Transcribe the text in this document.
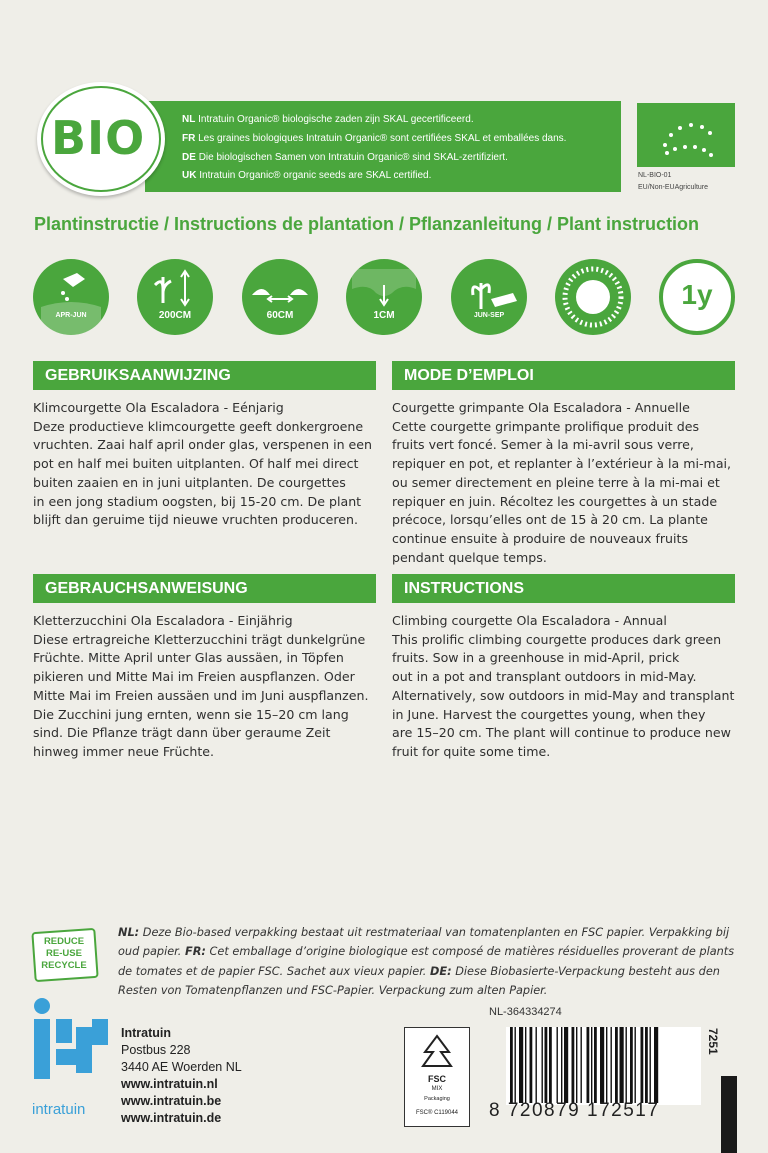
BIO	NL Intratuin Organic® biologische zaden zijn SKAL gecertificeerd.
FR Les graines biologiques Intratuin Organic® sont certifiées SKAL et emballées dans.
DE Die biologischen Samen von Intratuin Organic® sind SKAL-zertifiziert.
UK Intratuin Organic® organic seeds are SKAL certified.	NL-BIO-01
EU/Non-EUAgriculture
Plantinstructie / Instructions de plantation / Pflanzanleitung / Plant instruction
APR-JUN	200CM	60CM	1CM	JUN-SEP
1y
GEBRUIKSAANWIJZING

Klimcourgette Ola Escaladora - Eénjarig

Deze productieve klimcourgette geeft donkergroene

vruchten. Zaai half april onder glas, verspenen in een

pot en half mei buiten uitplanten. Of half mei direct

buiten zaaien en in juni uitplanten. De courgettes

in een jong stadium oogsten, bij 15-20 cm. De plant

blijft dan geruime tijd nieuwe vruchten produceren.

MODE D’EMPLOI

Courgette grimpante Ola Escaladora - Annuelle

Cette courgette grimpante prolifique produit des

fruits vert foncé. Semer à la mi-avril sous verre,

repiquer en pot, et replanter à l’extérieur à la mi-mai,

ou semer directement en pleine terre à la mi-mai et

repiquer en juin. Récoltez les courgettes à un stade

précoce, lorsqu’elles ont de 15 à 20 cm. La plante

continue ensuite à produire de nouveaux fruits

pendant quelque temps.

GEBRAUCHSANWEISUNG

Kletterzucchini Ola Escaladora - Einjährig

Diese ertragreiche Kletterzucchini trägt dunkelgrüne

Früchte. Mitte April unter Glas aussäen, in Töpfen

pikieren und Mitte Mai im Freien auspflanzen. Oder

Mitte Mai im Freien aussäen und im Juni auspflanzen.

Die Zucchini jung ernten, wenn sie 15–20 cm lang

sind. Die Pflanze trägt dann über geraume Zeit

hinweg immer neue Früchte.

INSTRUCTIONS

Climbing courgette Ola Escaladora - Annual

This prolific climbing courgette produces dark green

fruits. Sow in a greenhouse in mid-April, prick

out in a pot and transplant outdoors in mid-May.

Alternatively, sow outdoors in mid-May and transplant

in June. Harvest the courgettes young, when they

are 15–20 cm. The plant will continue to produce new

fruit for quite some time.

REDUCE
RE-USE
RECYCLE
NL: Deze Bio-based verpakking bestaat uit restmateriaal van tomatenplanten en FSC papier. Verpakking bij oud papier. FR: Cet emballage d’origine biologique est composé de matières résiduelles proverant de plants de tomates et de papier FSC. Sachet aux vieux papier. DE: Diese Biobasierte-Verpackung besteht aus den Resten von Tomatenpflanzen und FSC-Papier. Verpackung zum alten Papier.
intratuin
Intratuin
Postbus 228
3440 AE Woerden NL
www.intratuin.nl
www.intratuin.be
www.intratuin.de
NL-364334274
FSC
MIX
Packaging
FSC® C119044	8 720879 172517
7251
